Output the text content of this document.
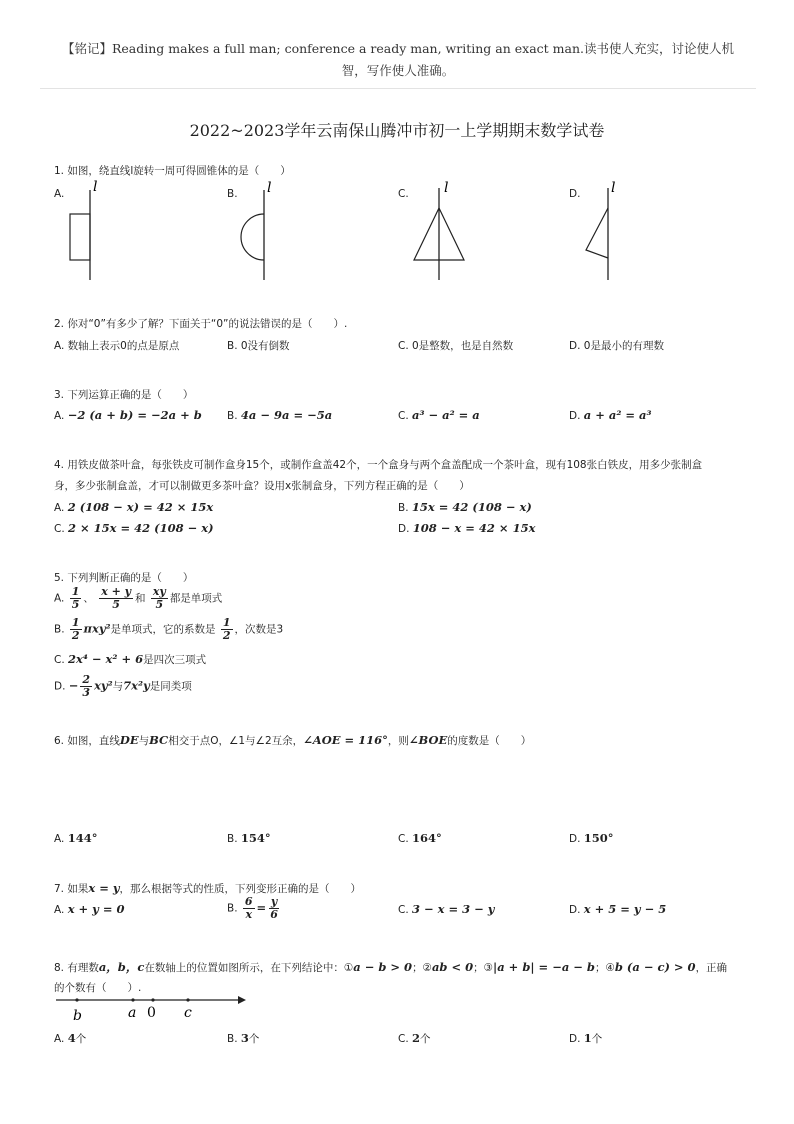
【铭记】Reading makes a full man; conference a ready man, writing an exact man.读书使人充实，讨论使人机
智，写作使人准确。
2022~2023学年云南保山腾冲市初一上学期期末数学试卷
1. 如图，绕直线l旋转一周可得圆锥体的是（　　）
A. l	B. l	C.	l	D. l
2. 你对“0”有多少了解？下面关于“0”的说法错误的是（　　）.
A. 数轴上表示0的点是原点	B. 0没有倒数	C. 0是整数，也是自然数	D. 0是最小的有理数
3. 下列运算正确的是（　　）
A. −2 (a + b) = −2a + b B. 4a − 9a = −5a	C. a³ − a² = a	D. a + a² = a³
4. 用铁皮做茶叶盒，每张铁皮可制作盒身15个，或制作盒盖42个，一个盒身与两个盒盖配成一个茶叶盒，现有108张白铁皮，用多少张制盒
身，多少张制盒盖，才可以制做更多茶叶盒？设用x张制盒身，下列方程正确的是（　　）
A. 2 (108 − x) = 42 × 15x	B. 15x = 42 (108 − x)
C. 2 × 15x = 42 (108 − x)	D. 108 − x = 42 × 15x
5. 下列判断正确的是（　　）
A. $\frac{1}{5}$ 、 $\frac{x + y}{5}$ 和 $\frac{xy}{5}$ 都是单项式
B. $\frac{1}{2} \pi xy^2$是单项式，它的系数是 $\frac{1}{2}$ ，次数是3
C. 2x⁴ − x² + 6是四次三项式
D. − $\frac{2}{3} xy^2$与7x²y是同类项
6. 如图，直线DE与BC相交于点O，∠1与∠2互余，∠AOE = 116°，则∠BOE的度数是（　　）
A. 144°	B. 154°	C. 164°	D. 150°
7. 如果x = y，那么根据等式的性质，下列变形正确的是（　　）
A. x + y = 0	B. $\frac{6}{x} = \frac{y}{6}$	C. 3 − x = 3 − y	D. x + 5 = y − 5
8. 有理数a，b，c在数轴上的位置如图所示，在下列结论中：①a − b > 0；②ab < 0；③|a + b| = −a − b；④b (a − c) > 0，正确
的个数有（　　）.
b	a 0 c
A. 4个	B. 3个	C. 2个	D. 1个
